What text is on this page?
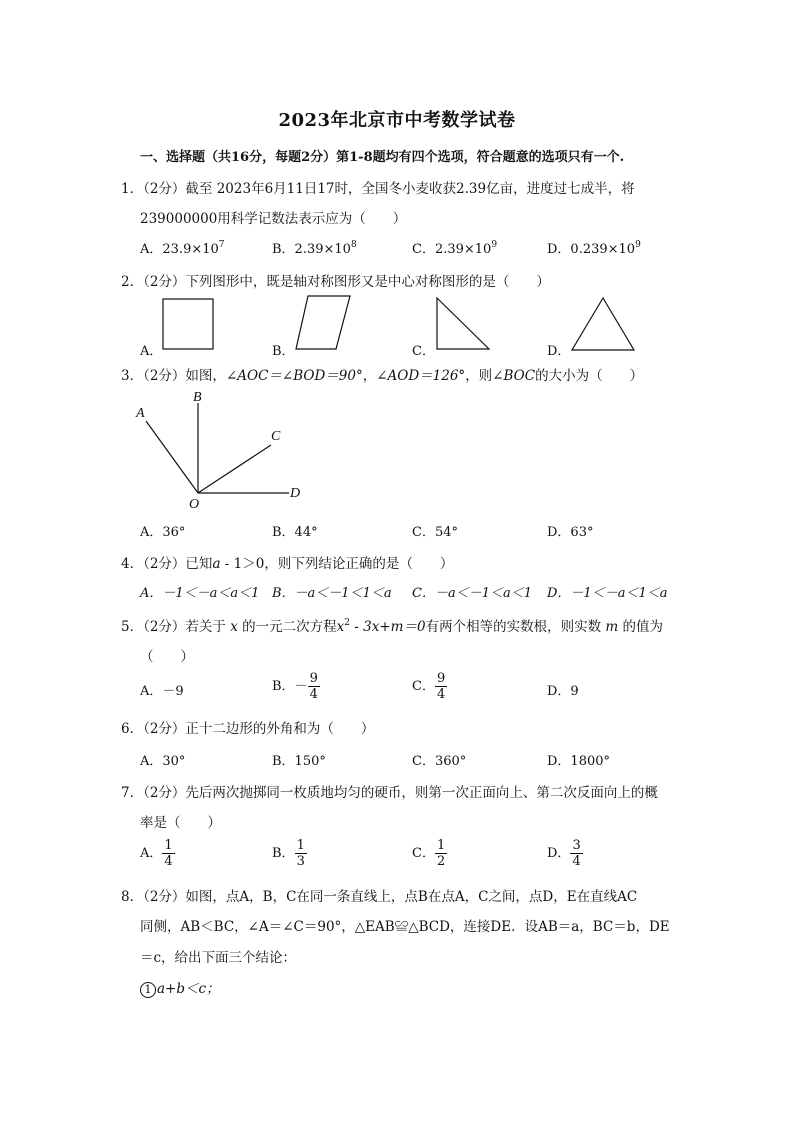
2023年北京市中考数学试卷
一、选择题（共16分，每题2分）第1-8题均有四个选项，符合题意的选项只有一个.
1．（2分）截至 2023年6月11日17时，全国冬小麦收获2.39亿亩，进度过七成半，将
239000000用科学记数法表示应为（　　）
A．$23.9\times 10^7$	B．$2.39\times 10^8$	C．$2.39\times 10^9$	D．$0.239\times 10^9$
2．（2分）下列图形中，既是轴对称图形又是中心对称图形的是（　　）
A．	B．	C．	D．
3．（2分）如图，∠AOC＝∠BOD＝90°，∠AOD＝126°，则∠BOC的大小为（　　）
A
B
C
O
D
A．36°	B．44°	C．54°	D．63°
4．（2分）已知a - 1＞0，则下列结论正确的是（　　）
A．－1＜－a＜a＜1 B．－a＜－1＜1＜a C．－a＜－1＜a＜1 D．－1＜－a＜1＜a
5．（2分）若关于 x 的一元二次方程$x^2 - 3x+m=0$有两个相等的实数根，则实数 m 的值为
（　　）
A．－9	B．－ $\frac{9}{4}$	C． $\frac{9}{4}$	D．9
6．（2分）正十二边形的外角和为（　　）
A．30°	B．150°	C．360°	D．1800°
7．（2分）先后两次抛掷同一枚质地均匀的硬币，则第一次正面向上、第二次反面向上的概
率是（　　）
A． $\frac{1}{4}$	B． $\frac{1}{3}$	C． $\frac{1}{2}$	D． $\frac{3}{4}$
8．（2分）如图，点A，B，C在同一条直线上，点B在点A，C之间，点D，E在直线AC
同侧，AB＜BC，∠A＝∠C＝90°，△EAB≌△BCD，连接DE．设AB＝a，BC＝b，DE
＝c，给出下面三个结论：
1 a+b＜c；
